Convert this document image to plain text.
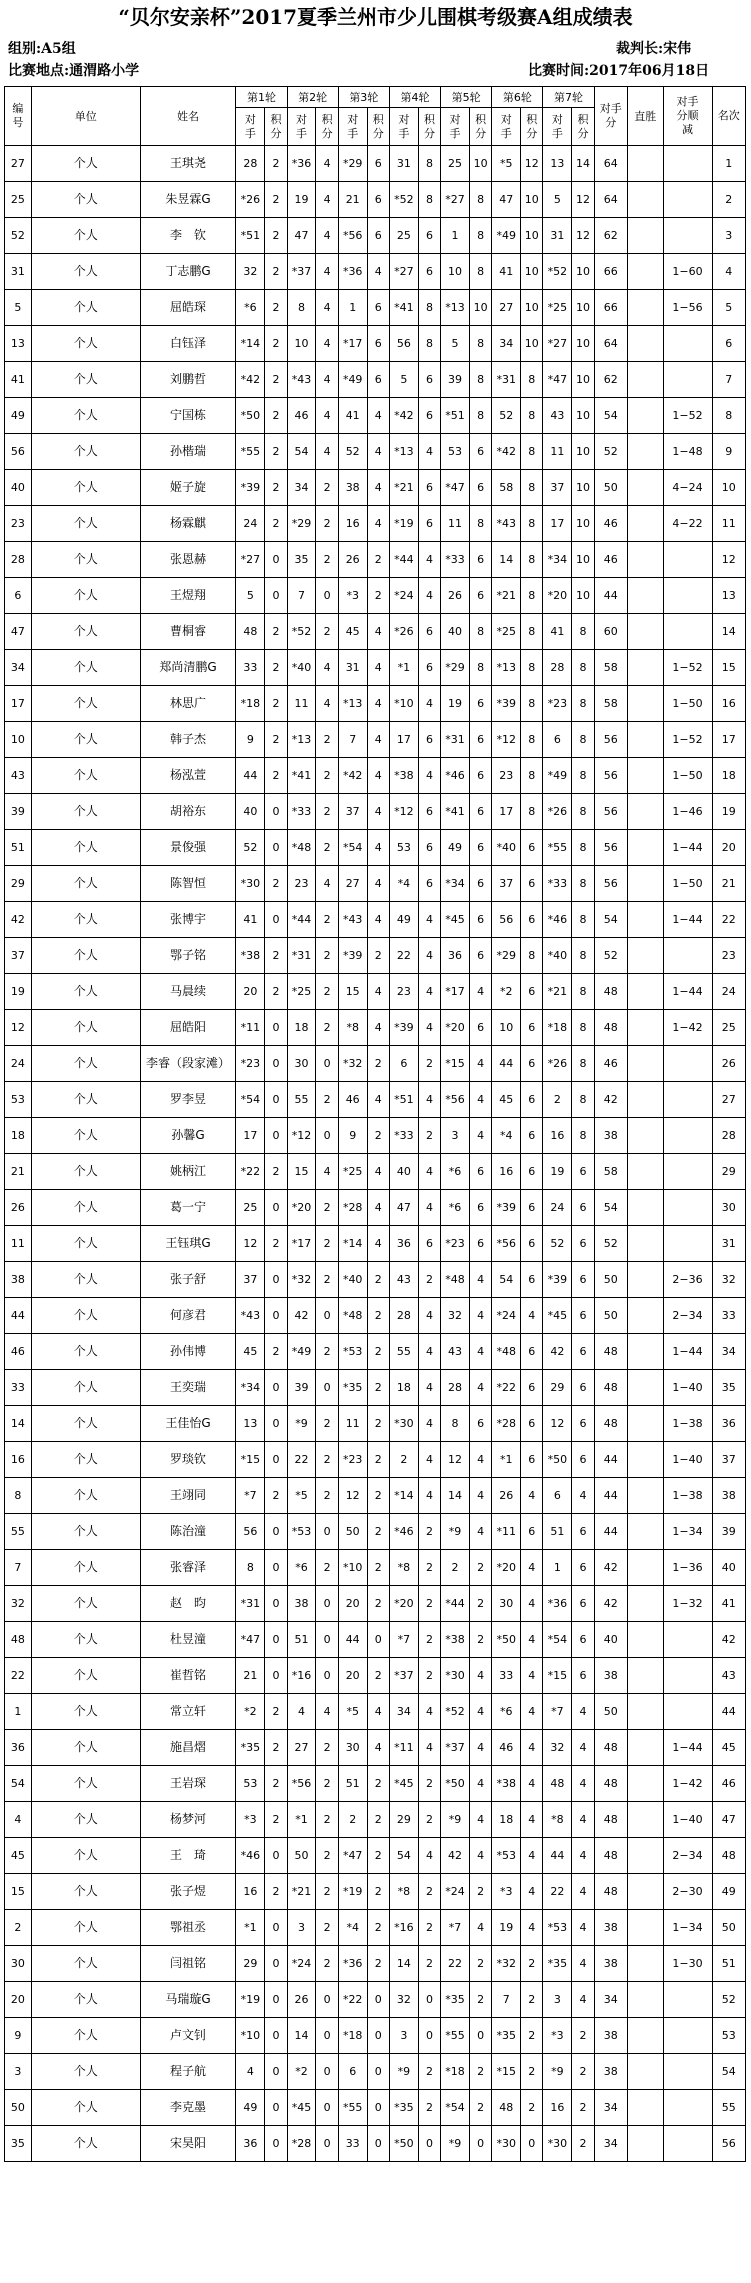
“贝尔安亲杯”2017夏季兰州市少儿围棋考级赛A组成绩表
组别:A5组	裁判长:宋伟
比赛地点:通渭路小学	比赛时间:2017年06月18日
编号	单位	姓名	第1轮		第2轮		第3轮		第4轮		第5轮		第6轮		第7轮		对手分	直胜	对手分顺减	名次
			对手	积分	对手	积分	对手	积分	对手	积分	对手	积分	对手	积分	对手	积分				
27	个人	王琪尧	28	2	*36	4	*29	6	31	8	25	10	*5	12	13	14	64			1
25	个人	朱昱霖G	*26	2	19	4	21	6	*52	8	*27	8	47	10	5	12	64			2
52	个人	李　钦	*51	2	47	4	*56	6	25	6	1	8	*49	10	31	12	62			3
31	个人	丁志鹏G	32	2	*37	4	*36	4	*27	6	10	8	41	10	*52	10	66		1−60	4
5	个人	屈皓琛	*6	2	8	4	1	6	*41	8	*13	10	27	10	*25	10	66		1−56	5
13	个人	白钰泽	*14	2	10	4	*17	6	56	8	5	8	34	10	*27	10	64			6
41	个人	刘鹏哲	*42	2	*43	4	*49	6	5	6	39	8	*31	8	*47	10	62			7
49	个人	宁国栋	*50	2	46	4	41	4	*42	6	*51	8	52	8	43	10	54		1−52	8
56	个人	孙楷瑞	*55	2	54	4	52	4	*13	4	53	6	*42	8	11	10	52		1−48	9
40	个人	姬子旋	*39	2	34	2	38	4	*21	6	*47	6	58	8	37	10	50		4−24	10
23	个人	杨霖麒	24	2	*29	2	16	4	*19	6	11	8	*43	8	17	10	46		4−22	11
28	个人	张恩赫	*27	0	35	2	26	2	*44	4	*33	6	14	8	*34	10	46			12
6	个人	王煜翔	5	0	7	0	*3	2	*24	4	26	6	*21	8	*20	10	44			13
47	个人	曹桐睿	48	2	*52	2	45	4	*26	6	40	8	*25	8	41	8	60			14
34	个人	郑尚清鹏G	33	2	*40	4	31	4	*1	6	*29	8	*13	8	28	8	58		1−52	15
17	个人	林思广	*18	2	11	4	*13	4	*10	4	19	6	*39	8	*23	8	58		1−50	16
10	个人	韩子杰	9	2	*13	2	7	4	17	6	*31	6	*12	8	6	8	56		1−52	17
43	个人	杨泓萱	44	2	*41	2	*42	4	*38	4	*46	6	23	8	*49	8	56		1−50	18
39	个人	胡裕东	40	0	*33	2	37	4	*12	6	*41	6	17	8	*26	8	56		1−46	19
51	个人	景俊强	52	0	*48	2	*54	4	53	6	49	6	*40	6	*55	8	56		1−44	20
29	个人	陈智恒	*30	2	23	4	27	4	*4	6	*34	6	37	6	*33	8	56		1−50	21
42	个人	张博宇	41	0	*44	2	*43	4	49	4	*45	6	56	6	*46	8	54		1−44	22
37	个人	鄂子铭	*38	2	*31	2	*39	2	22	4	36	6	*29	8	*40	8	52			23
19	个人	马晨续	20	2	*25	2	15	4	23	4	*17	4	*2	6	*21	8	48		1−44	24
12	个人	屈皓阳	*11	0	18	2	*8	4	*39	4	*20	6	10	6	*18	8	48		1−42	25
24	个人	李睿（段家滩）	*23	0	30	0	*32	2	6	2	*15	4	44	6	*26	8	46			26
53	个人	罗李昱	*54	0	55	2	46	4	*51	4	*56	4	45	6	2	8	42			27
18	个人	孙馨G	17	0	*12	0	9	2	*33	2	3	4	*4	6	16	8	38			28
21	个人	姚柄江	*22	2	15	4	*25	4	40	4	*6	6	16	6	19	6	58			29
26	个人	葛一宁	25	0	*20	2	*28	4	47	4	*6	6	*39	6	24	6	54			30
11	个人	王钰琪G	12	2	*17	2	*14	4	36	6	*23	6	*56	6	52	6	52			31
38	个人	张子舒	37	0	*32	2	*40	2	43	2	*48	4	54	6	*39	6	50		2−36	32
44	个人	何彦君	*43	0	42	0	*48	2	28	4	32	4	*24	4	*45	6	50		2−34	33
46	个人	孙伟博	45	2	*49	2	*53	2	55	4	43	4	*48	6	42	6	48		1−44	34
33	个人	王奕瑞	*34	0	39	0	*35	2	18	4	28	4	*22	6	29	6	48		1−40	35
14	个人	王佳怡G	13	0	*9	2	11	2	*30	4	8	6	*28	6	12	6	48		1−38	36
16	个人	罗琰钦	*15	0	22	2	*23	2	2	4	12	4	*1	6	*50	6	44		1−40	37
8	个人	王翊同	*7	2	*5	2	12	2	*14	4	14	4	26	4	6	4	44		1−38	38
55	个人	陈治潼	56	0	*53	0	50	2	*46	2	*9	4	*11	6	51	6	44		1−34	39
7	个人	张睿泽	8	0	*6	2	*10	2	*8	2	2	2	*20	4	1	6	42		1−36	40
32	个人	赵　昀	*31	0	38	0	20	2	*20	2	*44	2	30	4	*36	6	42		1−32	41
48	个人	杜昱潼	*47	0	51	0	44	0	*7	2	*38	2	*50	4	*54	6	40			42
22	个人	崔哲铭	21	0	*16	0	20	2	*37	2	*30	4	33	4	*15	6	38			43
1	个人	常立轩	*2	2	4	4	*5	4	34	4	*52	4	*6	4	*7	4	50			44
36	个人	施昌熠	*35	2	27	2	30	4	*11	4	*37	4	46	4	32	4	48		1−44	45
54	个人	王岩琛	53	2	*56	2	51	2	*45	2	*50	4	*38	4	48	4	48		1−42	46
4	个人	杨梦河	*3	2	*1	2	2	2	29	2	*9	4	18	4	*8	4	48		1−40	47
45	个人	王　琦	*46	0	50	2	*47	2	54	4	42	4	*53	4	44	4	48		2−34	48
15	个人	张子煜	16	2	*21	2	*19	2	*8	2	*24	2	*3	4	22	4	48		2−30	49
2	个人	鄂祖丞	*1	0	3	2	*4	2	*16	2	*7	4	19	4	*53	4	38		1−34	50
30	个人	闫祖铭	29	0	*24	2	*36	2	14	2	22	2	*32	2	*35	4	38		1−30	51
20	个人	马瑞璇G	*19	0	26	0	*22	0	32	0	*35	2	7	2	3	4	34			52
9	个人	卢文钊	*10	0	14	0	*18	0	3	0	*55	0	*35	2	*3	2	38			53
3	个人	程子航	4	0	*2	0	6	0	*9	2	*18	2	*15	2	*9	2	38			54
50	个人	李克墨	49	0	*45	0	*55	0	*35	2	*54	2	48	2	16	2	34			55
35	个人	宋昊阳	36	0	*28	0	33	0	*50	0	*9	0	*30	0	*30	2	34			56
